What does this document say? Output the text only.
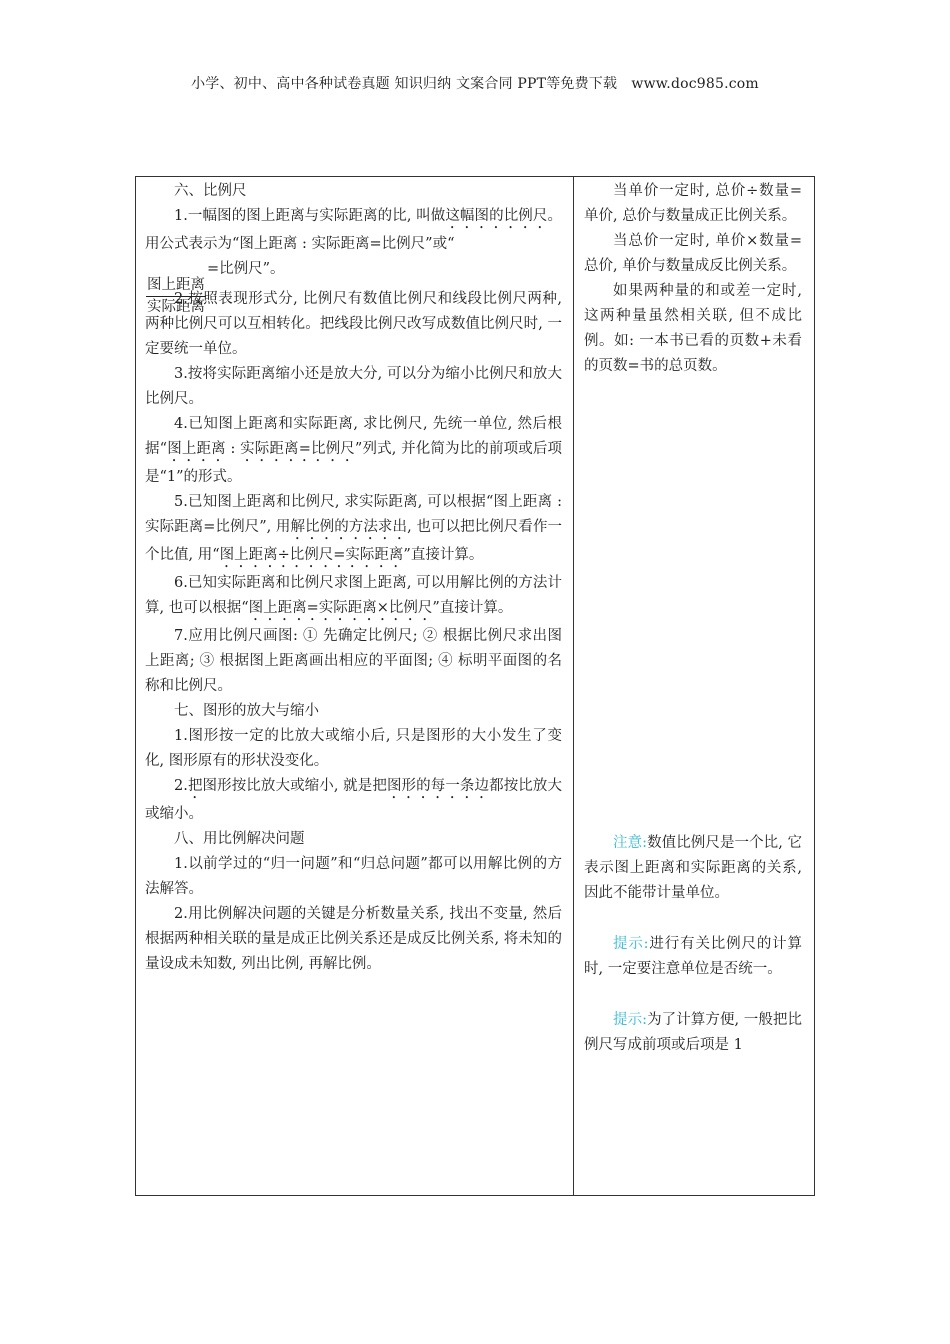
小学、初中、高中各种试卷真题 知识归纳 文案合同 PPT等免费下载　www.doc985.com

六、比例尺

1.一幅图的图上距离与实际距离的比, 叫做这幅图的比例尺。用公式表示为“图上距离 : 实际距离=比例尺”或“

$\frac{\text{图上距离}}{\text{实际距离}}$
=比例尺”。

2.按照表现形式分, 比例尺有数值比例尺和线段比例尺两种, 两种比例尺可以互相转化。把线段比例尺改写成数值比例尺时, 一定要统一单位。

3.按将实际距离缩小还是放大分, 可以分为缩小比例尺和放大比例尺。

4.已知图上距离和实际距离, 求比例尺, 先统一单位, 然后根据“图上距离 : 实际距离=比例尺”列式, 并化简为比的前项或后项是“1”的形式。

5.已知图上距离和比例尺, 求实际距离, 可以根据“图上距离 : 实际距离=比例尺”, 用解比例的方法求出, 也可以把比例尺看作一个比值, 用“图上距离÷比例尺=实际距离”直接计算。

6.已知实际距离和比例尺求图上距离, 可以用解比例的方法计算, 也可以根据“图上距离=实际距离×比例尺”直接计算。

7.应用比例尺画图: ① 先确定比例尺; ② 根据比例尺求出图上距离; ③ 根据图上距离画出相应的平面图; ④ 标明平面图的名称和比例尺。

七、图形的放大与缩小

1.图形按一定的比放大或缩小后, 只是图形的大小发生了变化, 图形原有的形状没变化。

2.把图形按比放大或缩小, 就是把图形的每一条边都按比放大或缩小。

八、用比例解决问题

1.以前学过的“归一问题”和“归总问题”都可以用解比例的方法解答。

2.用比例解决问题的关键是分析数量关系, 找出不变量, 然后根据两种相关联的量是成正比例关系还是成反比例关系, 将未知的量设成未知数, 列出比例, 再解比例。

当单价一定时, 总价÷数量=单价, 总价与数量成正比例关系。

当总价一定时, 单价×数量=总价, 单价与数量成反比例关系。

如果两种量的和或差一定时, 这两种量虽然相关联, 但不成比例。如: 一本书已看的页数+未看的页数=书的总页数。

注意:数值比例尺是一个比, 它表示图上距离和实际距离的关系, 因此不能带计量单位。

提示:进行有关比例尺的计算时, 一定要注意单位是否统一。

提示:为了计算方便, 一般把比例尺写成前项或后项是 1
